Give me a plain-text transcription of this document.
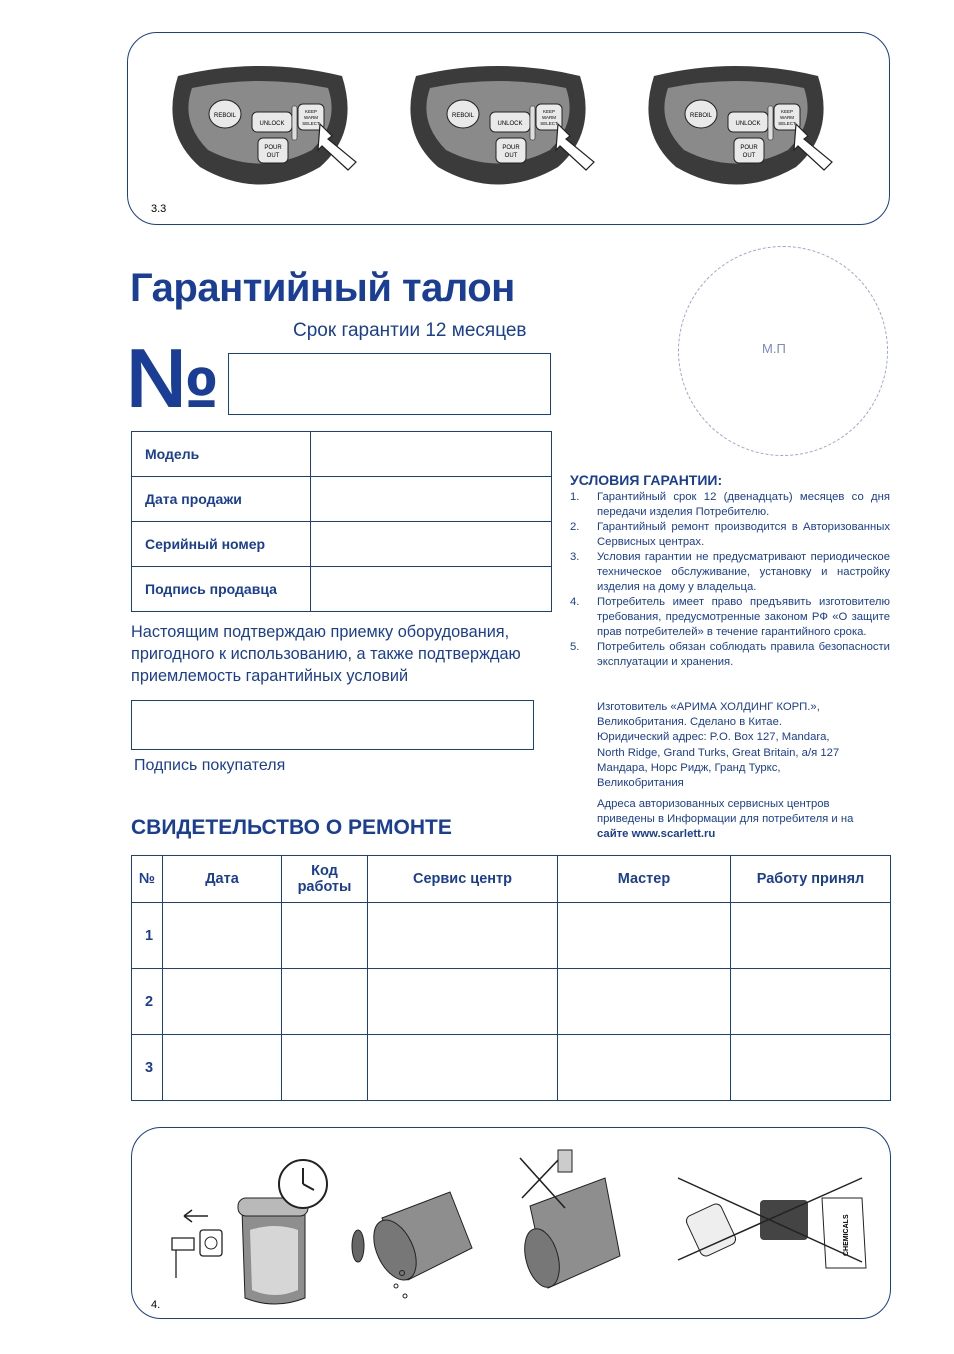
3.3
REBOIL
UNLOCK
POUR
OUT
KEEP
WARM
SELECT
Гарантийный талон
Срок гарантии 12 месяцев
№	М.П
Модель	
Дата продажи	
Серийный номер	
Подпись продавца	
Настоящим подтверждаю приемку оборудования,
пригодного к использованию, а также подтверждаю
приемлемость гарантийных условий
Подпись покупателя
УСЛОВИЯ ГАРАНТИИ:
1. Гарантийный срок 12 (двенадцать) месяцев со дня передачи изделия Потребителю.
2. Гарантийный ремонт производится в Авторизованных Сервисных центрах.
3. Условия гарантии не предусматривают периодическое техническое обслуживание, установку и настройку изделия на дому у владельца.
4. Потребитель имеет право предъявить изготовителю требования, предусмотренные законом РФ «О защите прав потребителей» в течение гарантийного срока.
5. Потребитель обязан соблюдать правила безопасности эксплуатации и хранения.
Изготовитель «АРИМА ХОЛДИНГ КОРП.»,
Великобритания. Сделано в Китае.
Юридический адрес: P.O. Box 127, Mandara,
North Ridge, Grand Turks, Great Britain, а/я 127
Мандара, Норс Ридж, Гранд Туркс,
Великобритания
Адреса авторизованных сервисных центров
приведены в Информации для потребителя и на
сайте www.scarlett.ru
СВИДЕТЕЛЬСТВО О РЕМОНТЕ
№	Дата	Код работы	Сервис центр	Мастер	Работу принял
1					
2					
3					
4.
CHEMICALS
